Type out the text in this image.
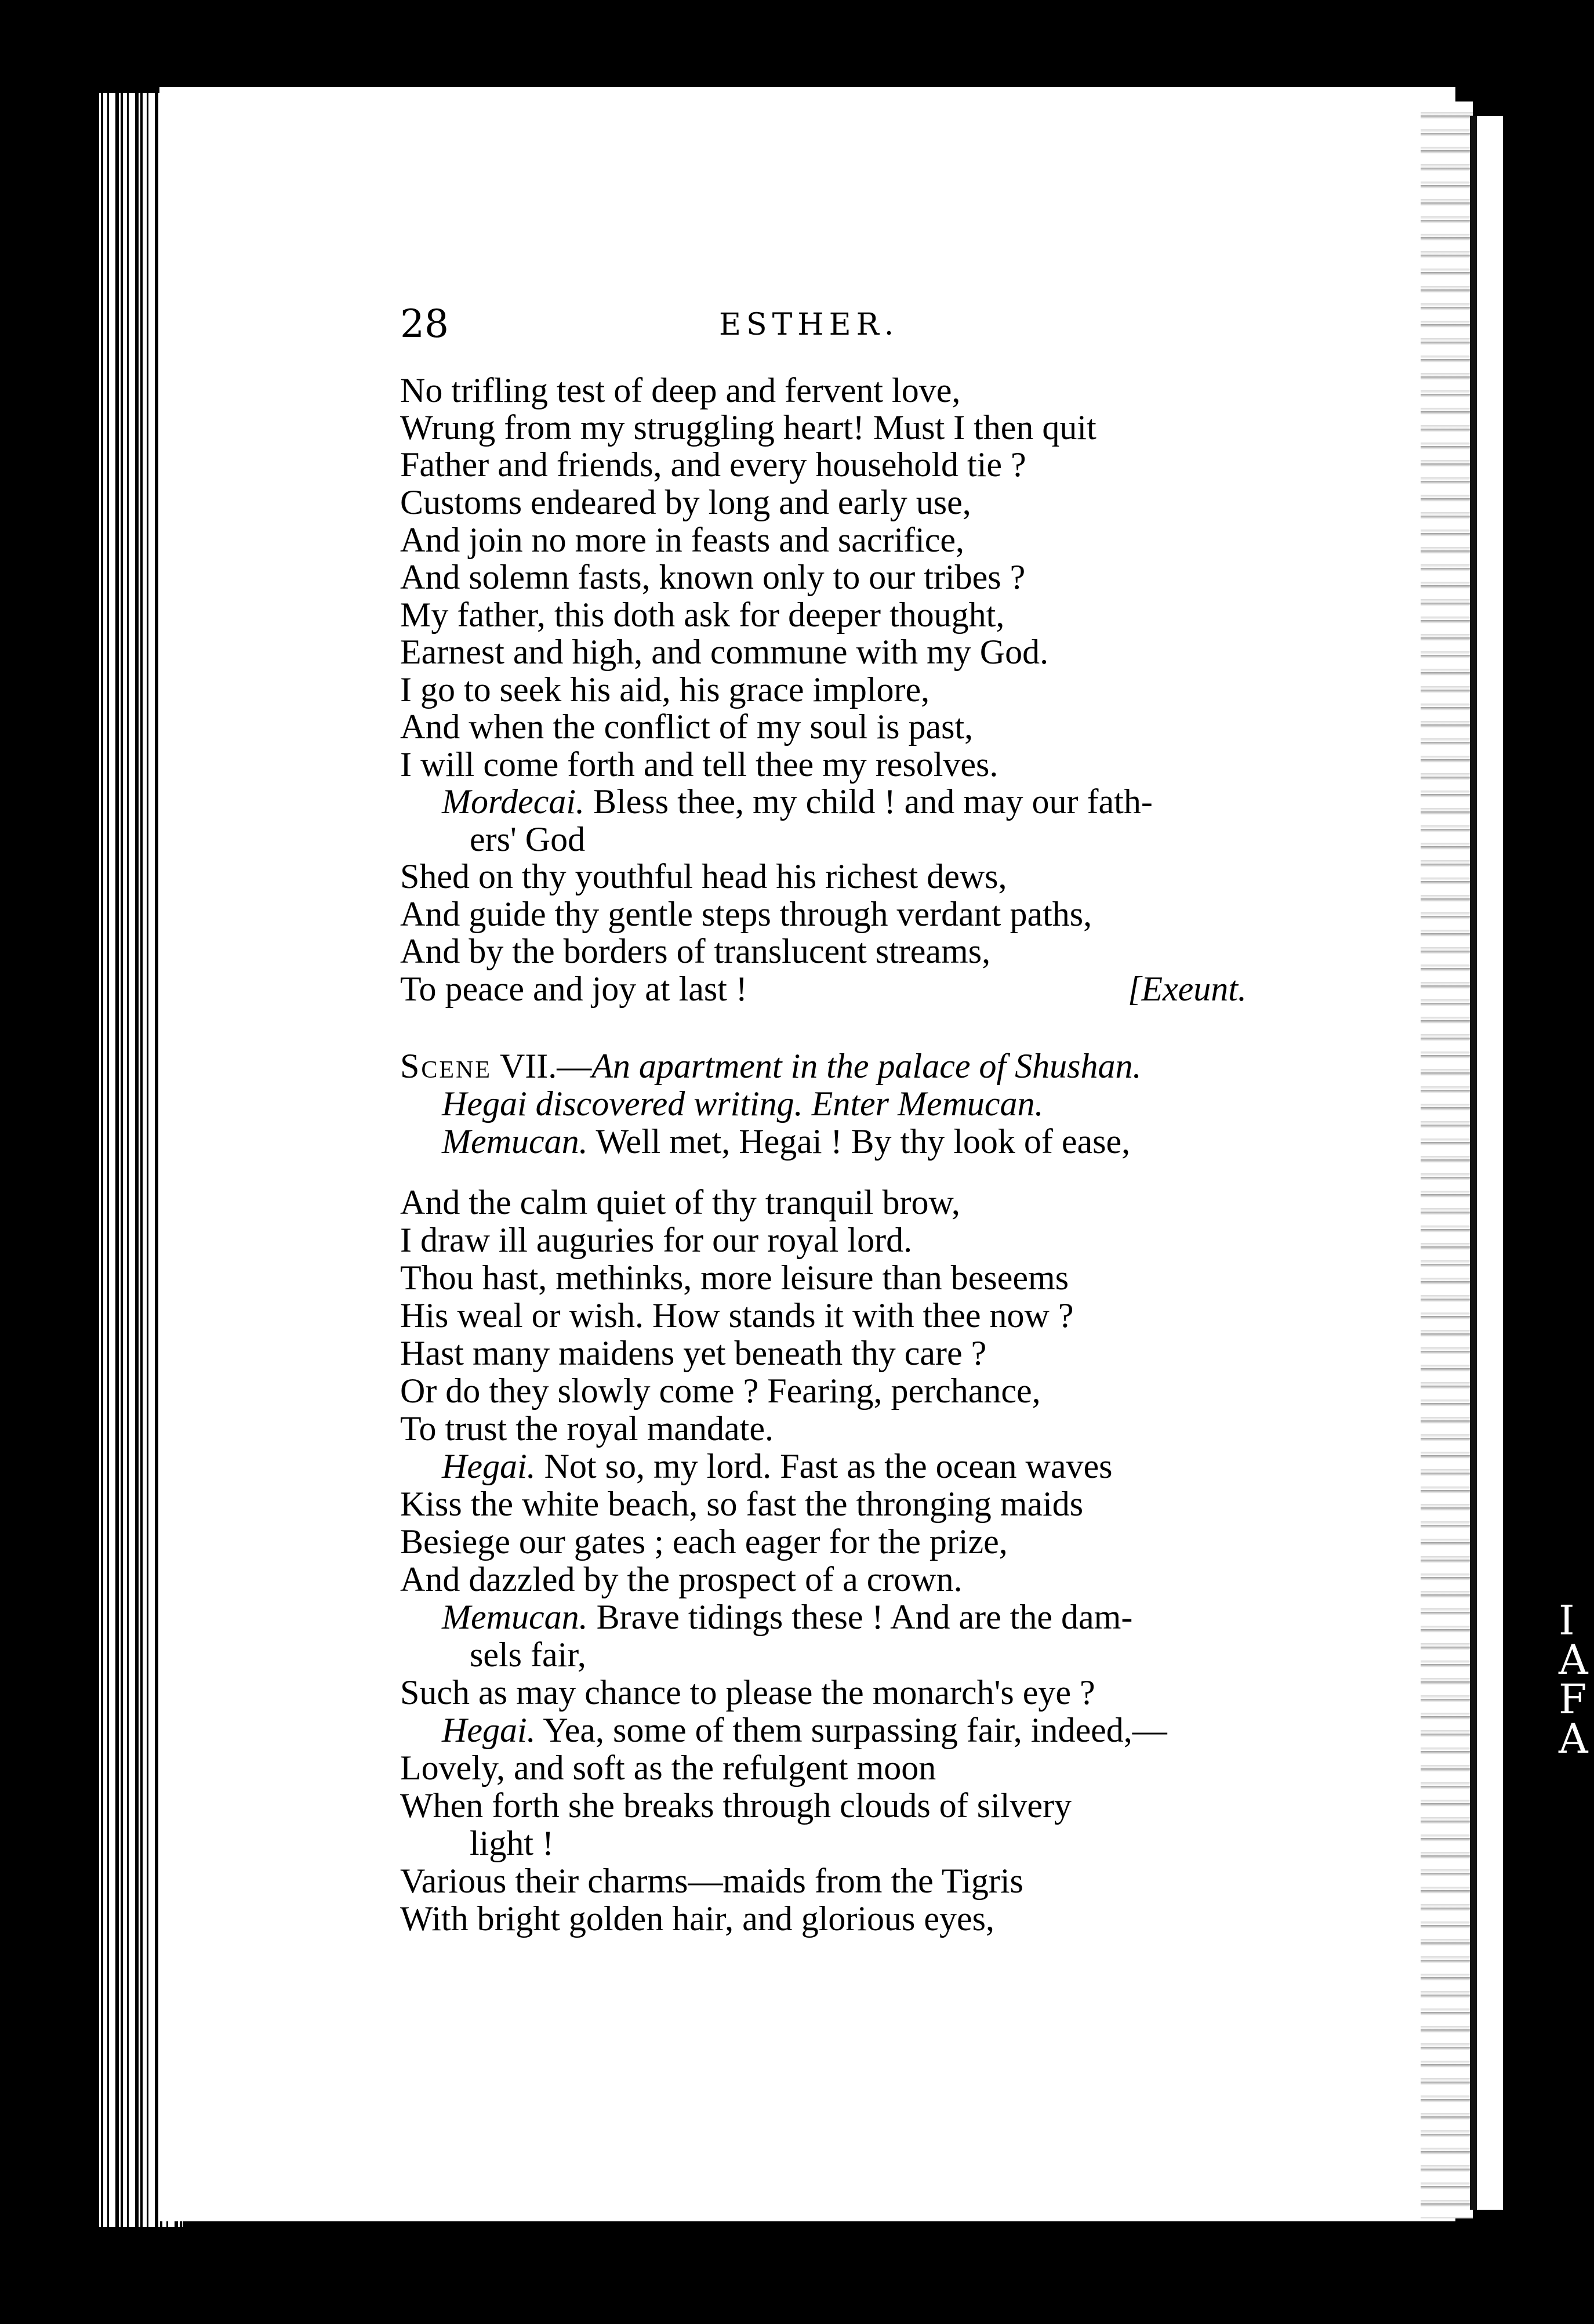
I
A
F
A
28	ESTHER.
No trifling test of deep and fervent love,
Wrung from my struggling heart! Must I then quit
Father and friends, and every household tie ?
Customs endeared by long and early use,
And join no more in feasts and sacrifice,
And solemn fasts, known only to our tribes ?
My father, this doth ask for deeper thought,
Earnest and high, and commune with my God.
I go to seek his aid, his grace implore,
And when the conflict of my soul is past,
I will come forth and tell thee my resolves.
Mordecai. Bless thee, my child ! and may our fath-
ers' God
Shed on thy youthful head his richest dews,
And guide thy gentle steps through verdant paths,
And by the borders of translucent streams,
To peace and joy at last !	[Exeunt.
Scene VII.—An apartment in the palace of Shushan.
Hegai discovered writing. Enter Memucan.
Memucan. Well met, Hegai ! By thy look of ease,
And the calm quiet of thy tranquil brow,
I draw ill auguries for our royal lord.
Thou hast, methinks, more leisure than beseems
His weal or wish. How stands it with thee now ?
Hast many maidens yet beneath thy care ?
Or do they slowly come ? Fearing, perchance,
To trust the royal mandate.
Hegai. Not so, my lord. Fast as the ocean waves
Kiss the white beach, so fast the thronging maids
Besiege our gates ; each eager for the prize,
And dazzled by the prospect of a crown.
Memucan. Brave tidings these ! And are the dam-
sels fair,
Such as may chance to please the monarch's eye ?
Hegai. Yea, some of them surpassing fair, indeed,—
Lovely, and soft as the refulgent moon
When forth she breaks through clouds of silvery
light !
Various their charms—maids from the Tigris
With bright golden hair, and glorious eyes,
